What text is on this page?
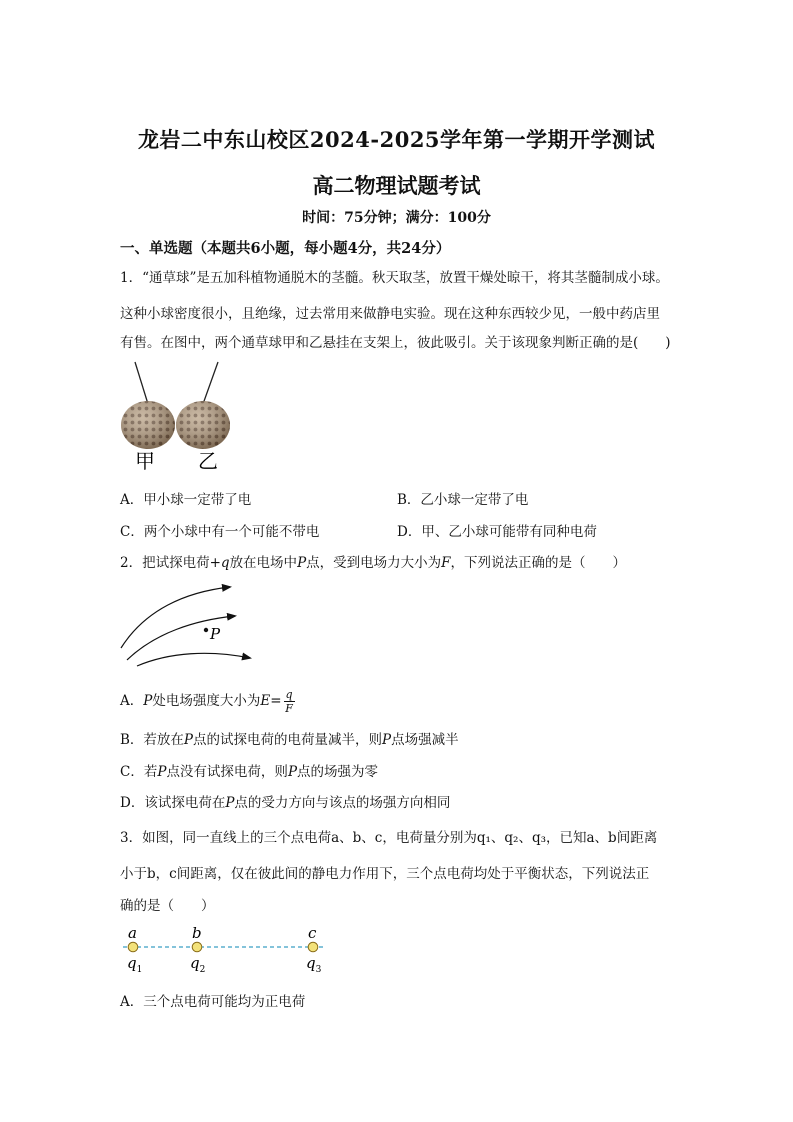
龙岩二中东山校区2024-2025学年第一学期开学测试
高二物理试题考试
时间：75分钟；满分：100分
一、单选题（本题共6小题，每小题4分，共24分）
1．“通草球”是五加科植物通脱木的茎髓。秋天取茎，放置干燥处晾干，将其茎髓制成小球。
这种小球密度很小，且绝缘，过去常用来做静电实验。现在这种东西较少见，一般中药店里
有售。在图中，两个通草球甲和乙悬挂在支架上，彼此吸引。关于该现象判断正确的是(　　)
甲 乙
A．甲小球一定带了电	B．乙小球一定带了电
C．两个小球中有一个可能不带电	D．甲、乙小球可能带有同种电荷
2．把试探电荷+q放在电场中P点，受到电场力大小为F，下列说法正确的是（　　）
P
A．P处电场强度大小为$E= \frac{q}{F}$
B．若放在P点的试探电荷的电荷量减半，则P点场强减半
C．若P点没有试探电荷，则P点的场强为零
D．该试探电荷在P点的受力方向与该点的场强方向相同
3．如图，同一直线上的三个点电荷a、b、c，电荷量分别为q₁、q₂、q₃，已知a、b间距离
小于b，c间距离，仅在彼此间的静电力作用下，三个点电荷均处于平衡状态，下列说法正
确的是（　　）
a	b	c
$q_1$	$q_2$	$q_3$
A．三个点电荷可能均为正电荷
